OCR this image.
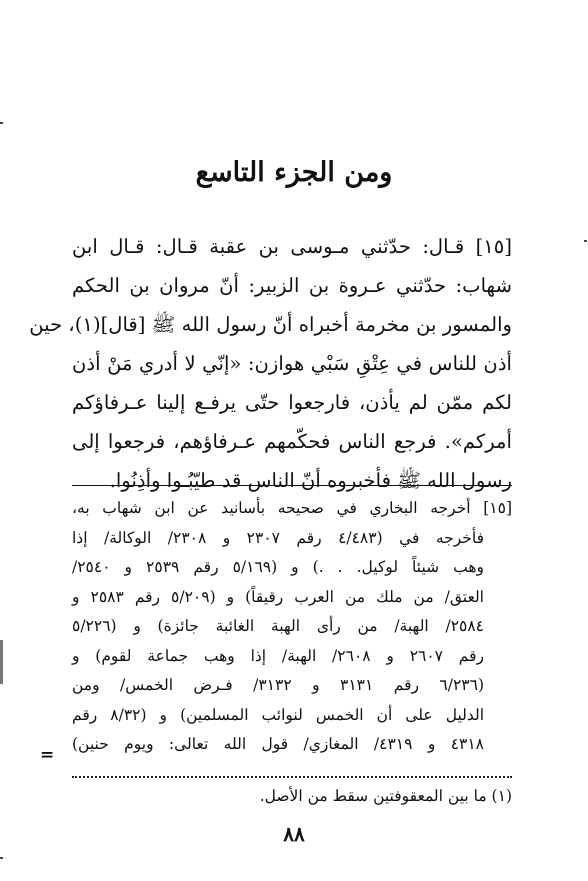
ومن الجزء التاسع
[١٥] قـال: حدّثني مـوسى بن عقبة قـال: قـال ابن
شهاب: حدّثني عـروة بن الزبير: أنّ مروان بن الحكم
والمسور بن مخرمة أخبراه أنّ رسول الله ﷺ [قال](١)، حين
أذن للناس في عِتْقِ سَبْي هوازن: «إنّي لا أدري مَنْ أذن
لكم ممّن لم يأذن، فارجعوا حتّى يرفـع إلينا عـرفاؤكم
أمركم». فرجع الناس فحكّمهم عـرفاؤهم، فرجعوا إلى
رسول الله ﷺ فأخبروه أنّ الناس قد طيّبُـوا وأذِنُوا.
[١٥] أخرجه البخاري في صحيحه بأسانيد عن ابن شهاب به،
فأخرجه في (٤/٤٨٣ رقم ٢٣٠٧ و ٢٣٠٨/ الوكالة/ إذا
وهب شيئاً لوكيل. . .) و (٥/١٦٩ رقم ٢٥٣٩ و ٢٥٤٠/
العتق/ من ملك من العرب رقيقاً) و (٥/٢٠٩ رقم ٢٥٨٣ و
٢٥٨٤/ الهبة/ من رأى الهبة الغائبة جائزة) و (٥/٢٢٦
رقم ٢٦٠٧ و ٢٦٠٨/ الهبة/ إذا وهب جماعة لقوم) و
(٦/٢٣٦ رقم ٣١٣١ و ٣١٣٢/ فـرض الخمس/ ومن
الدليل على أن الخمس لنوائب المسلمين) و (٨/٣٢ رقم
٤٣١٨ و ٤٣١٩/ المغازي/ قول الله تعالى: ويوم حنين)
=
(١) ما بين المعقوفتين سقط من الأصل.
٨٨
